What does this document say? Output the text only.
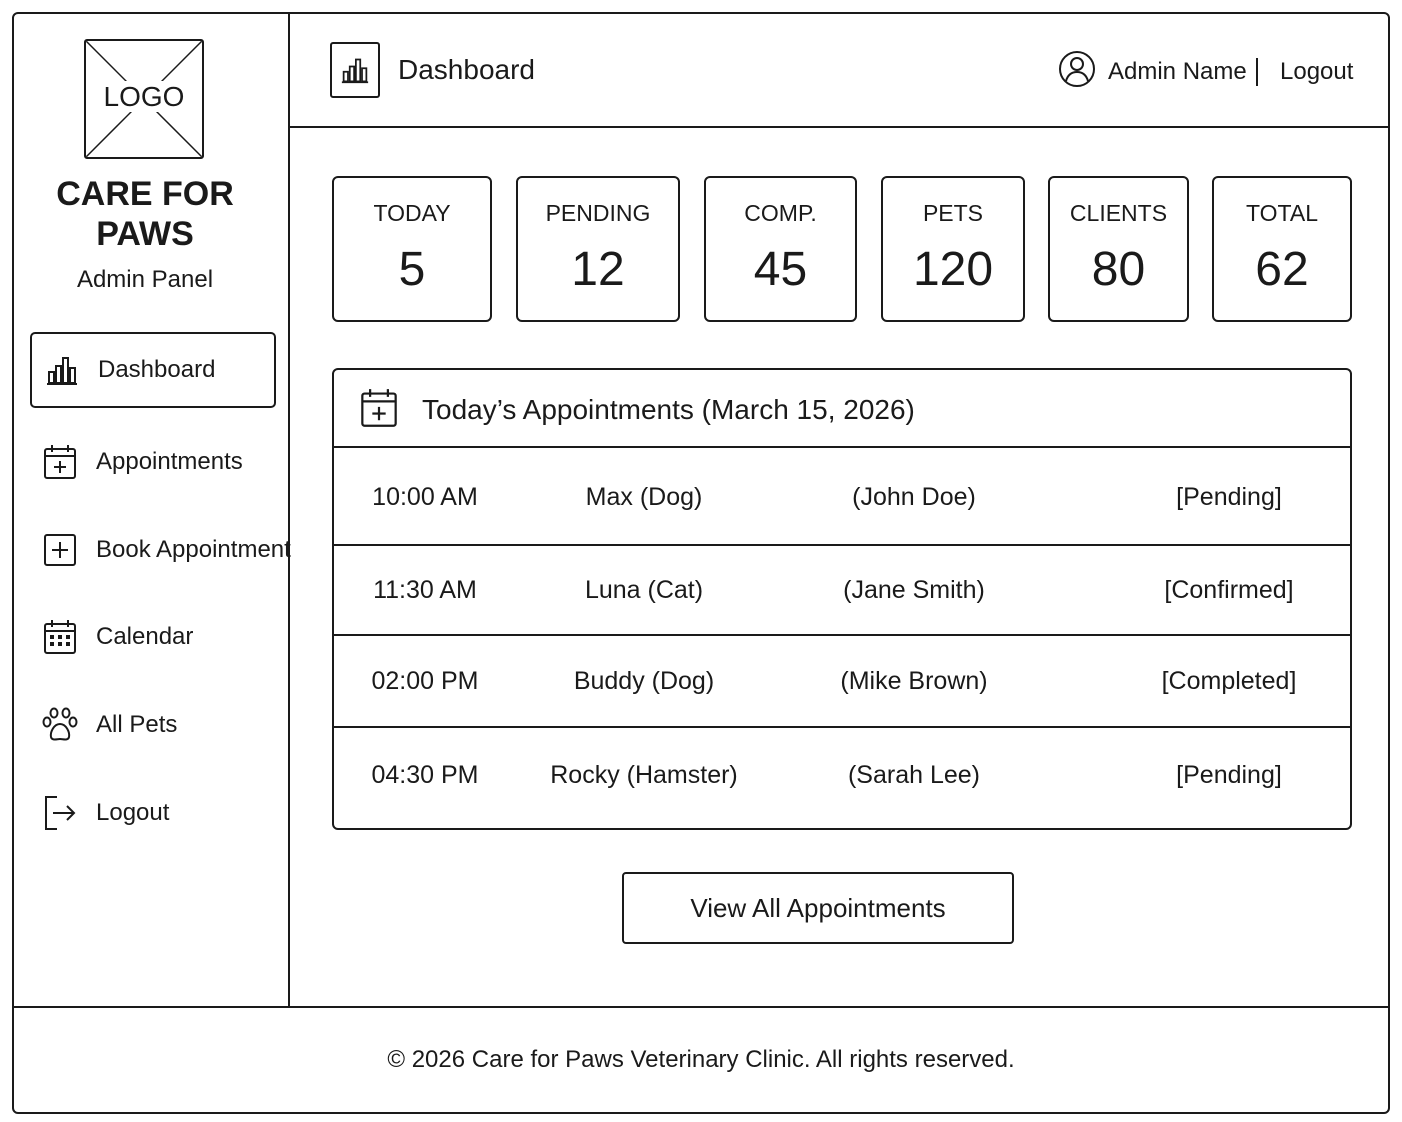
LOGO
CARE FOR
PAWS
Admin Panel
Dashboard
Appointments
Book Appointment
Calendar
All Pets
Logout
Dashboard	Admin Name Logout
TODAY
5
PENDING
12
COMP.
45
PETS
120
CLIENTS
80
TOTAL
62
Today’s Appointments (March 15, 2026)
10:00 AM	Max (Dog)	(John Doe)	[Pending]
11:30 AM	Luna (Cat)	(Jane Smith)	[Confirmed]
02:00 PM	Buddy (Dog)	(Mike Brown)	[Completed]
04:30 PM	Rocky (Hamster)	(Sarah Lee)	[Pending]
View All Appointments
© 2026 Care for Paws Veterinary Clinic. All rights reserved.
